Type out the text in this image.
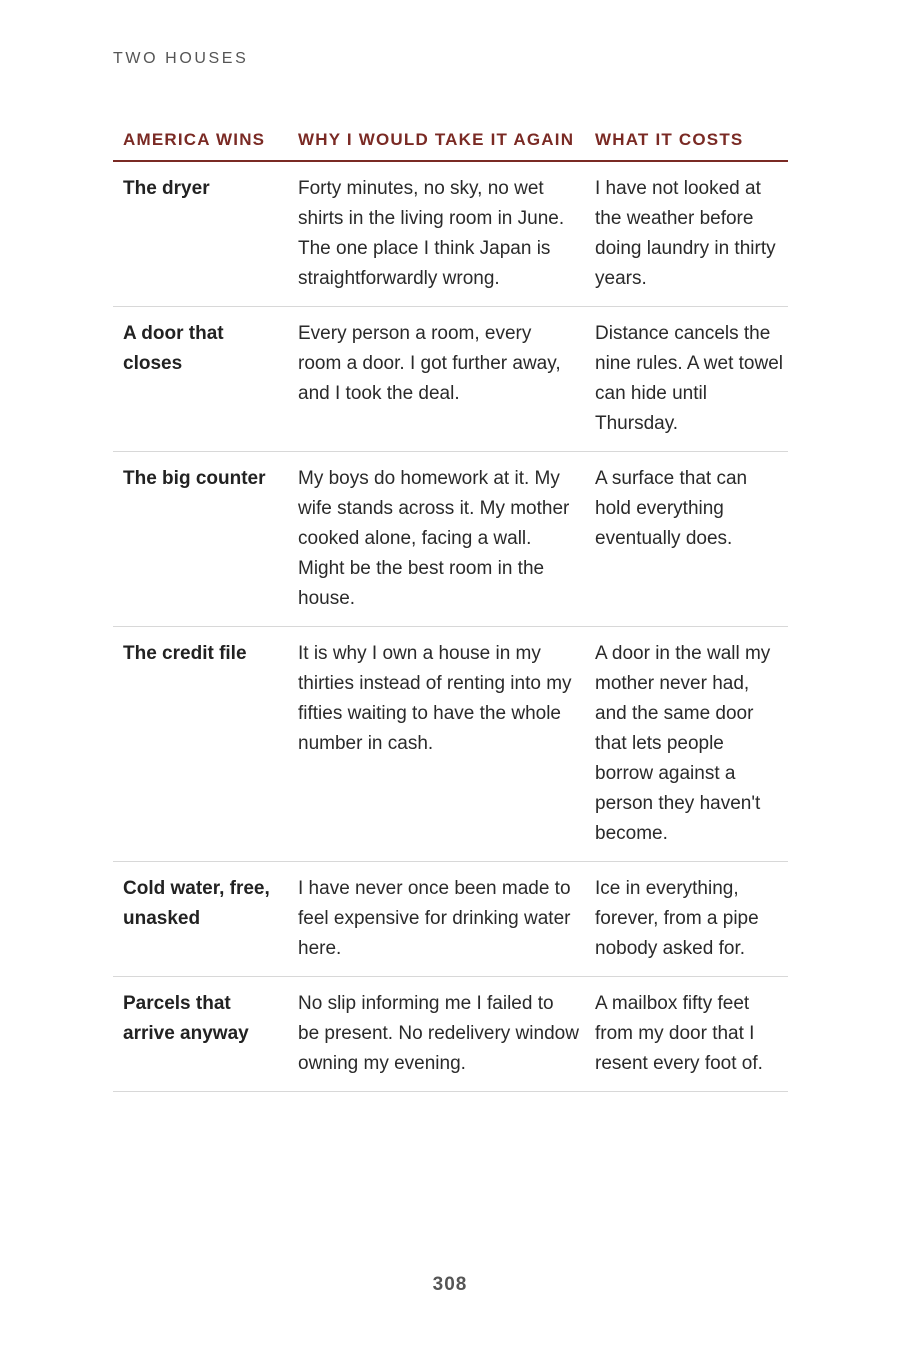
TWO HOUSES
AMERICA WINS	WHY I WOULD TAKE IT AGAIN	WHAT IT COSTS
The dryer	Forty minutes, no sky, no wet shirts in the living room in June. The one place I think Japan is straightforwardly wrong.	I have not looked at the weather before doing laundry in thirty years.
A door that closes	Every person a room, every room a door. I got further away, and I took the deal.	Distance cancels the nine rules. A wet towel can hide until Thursday.
The big counter	My boys do homework at it. My wife stands across it. My mother cooked alone, facing a wall. Might be the best room in the house.	A surface that can hold everything eventually does.
The credit file	It is why I own a house in my thirties instead of renting into my fifties waiting to have the whole number in cash.	A door in the wall my mother never had, and the same door that lets people borrow against a person they haven't become.
Cold water, free, unasked	I have never once been made to feel expensive for drinking water here.	Ice in everything, forever, from a pipe nobody asked for.
Parcels that arrive anyway	No slip informing me I failed to be present. No redelivery window owning my evening.	A mailbox fifty feet from my door that I resent every foot of.
308
